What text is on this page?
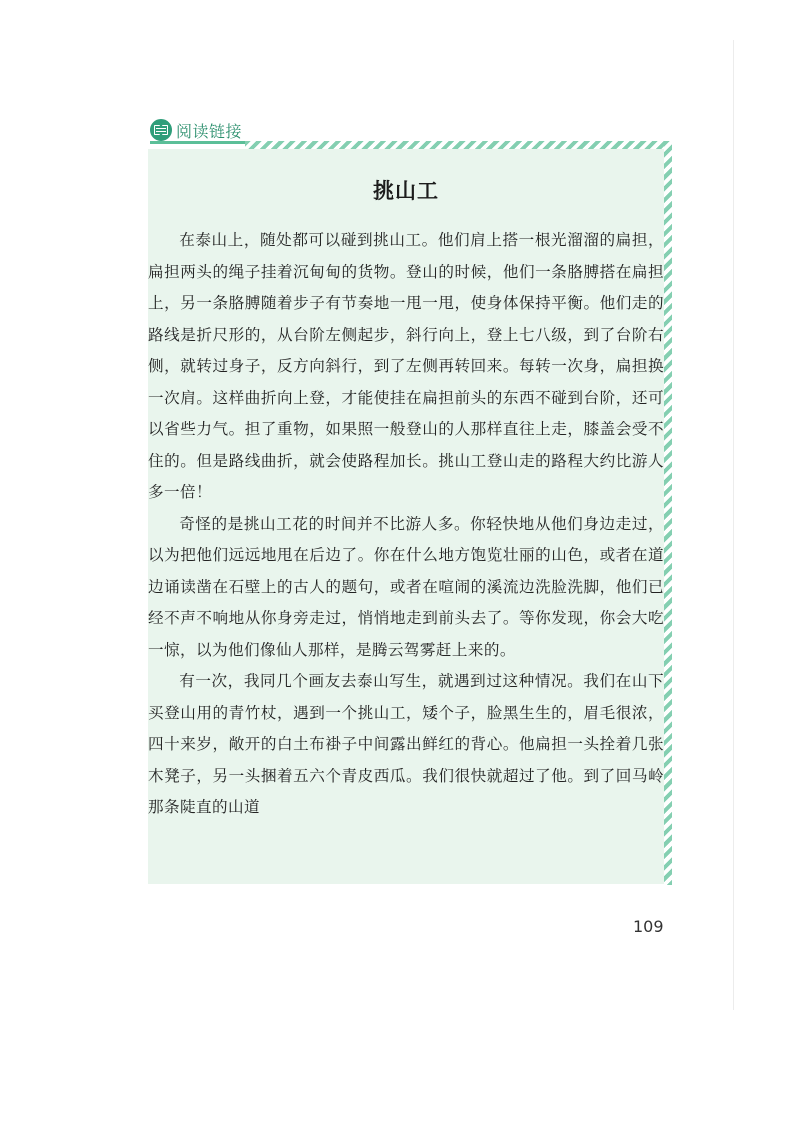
阅读链接
挑山工

在泰山上，随处都可以碰到挑山工。他们肩上搭一根光溜溜的扁担，扁担两头的绳子挂着沉甸甸的货物。登山的时候，他们一条胳膊搭在扁担上，另一条胳膊随着步子有节奏地一甩一甩，使身体保持平衡。他们走的路线是折尺形的，从台阶左侧起步，斜行向上，登上七八级，到了台阶右侧，就转过身子，反方向斜行，到了左侧再转回来。每转一次身，扁担换一次肩。这样曲折向上登，才能使挂在扁担前头的东西不碰到台阶，还可以省些力气。担了重物，如果照一般登山的人那样直往上走，膝盖会受不住的。但是路线曲折，就会使路程加长。挑山工登山走的路程大约比游人多一倍！

奇怪的是挑山工花的时间并不比游人多。你轻快地从他们身边走过，以为把他们远远地甩在后边了。你在什么地方饱览壮丽的山色，或者在道边诵读凿在石壁上的古人的题句，或者在喧闹的溪流边洗脸洗脚，他们已经不声不响地从你身旁走过，悄悄地走到前头去了。等你发现，你会大吃一惊，以为他们像仙人那样，是腾云驾雾赶上来的。

有一次，我同几个画友去泰山写生，就遇到过这种情况。我们在山下买登山用的青竹杖，遇到一个挑山工，矮个子，脸黑生生的，眉毛很浓，四十来岁，敞开的白土布褂子中间露出鲜红的背心。他扁担一头拴着几张木凳子，另一头捆着五六个青皮西瓜。我们很快就超过了他。到了回马岭那条陡直的山道

109
